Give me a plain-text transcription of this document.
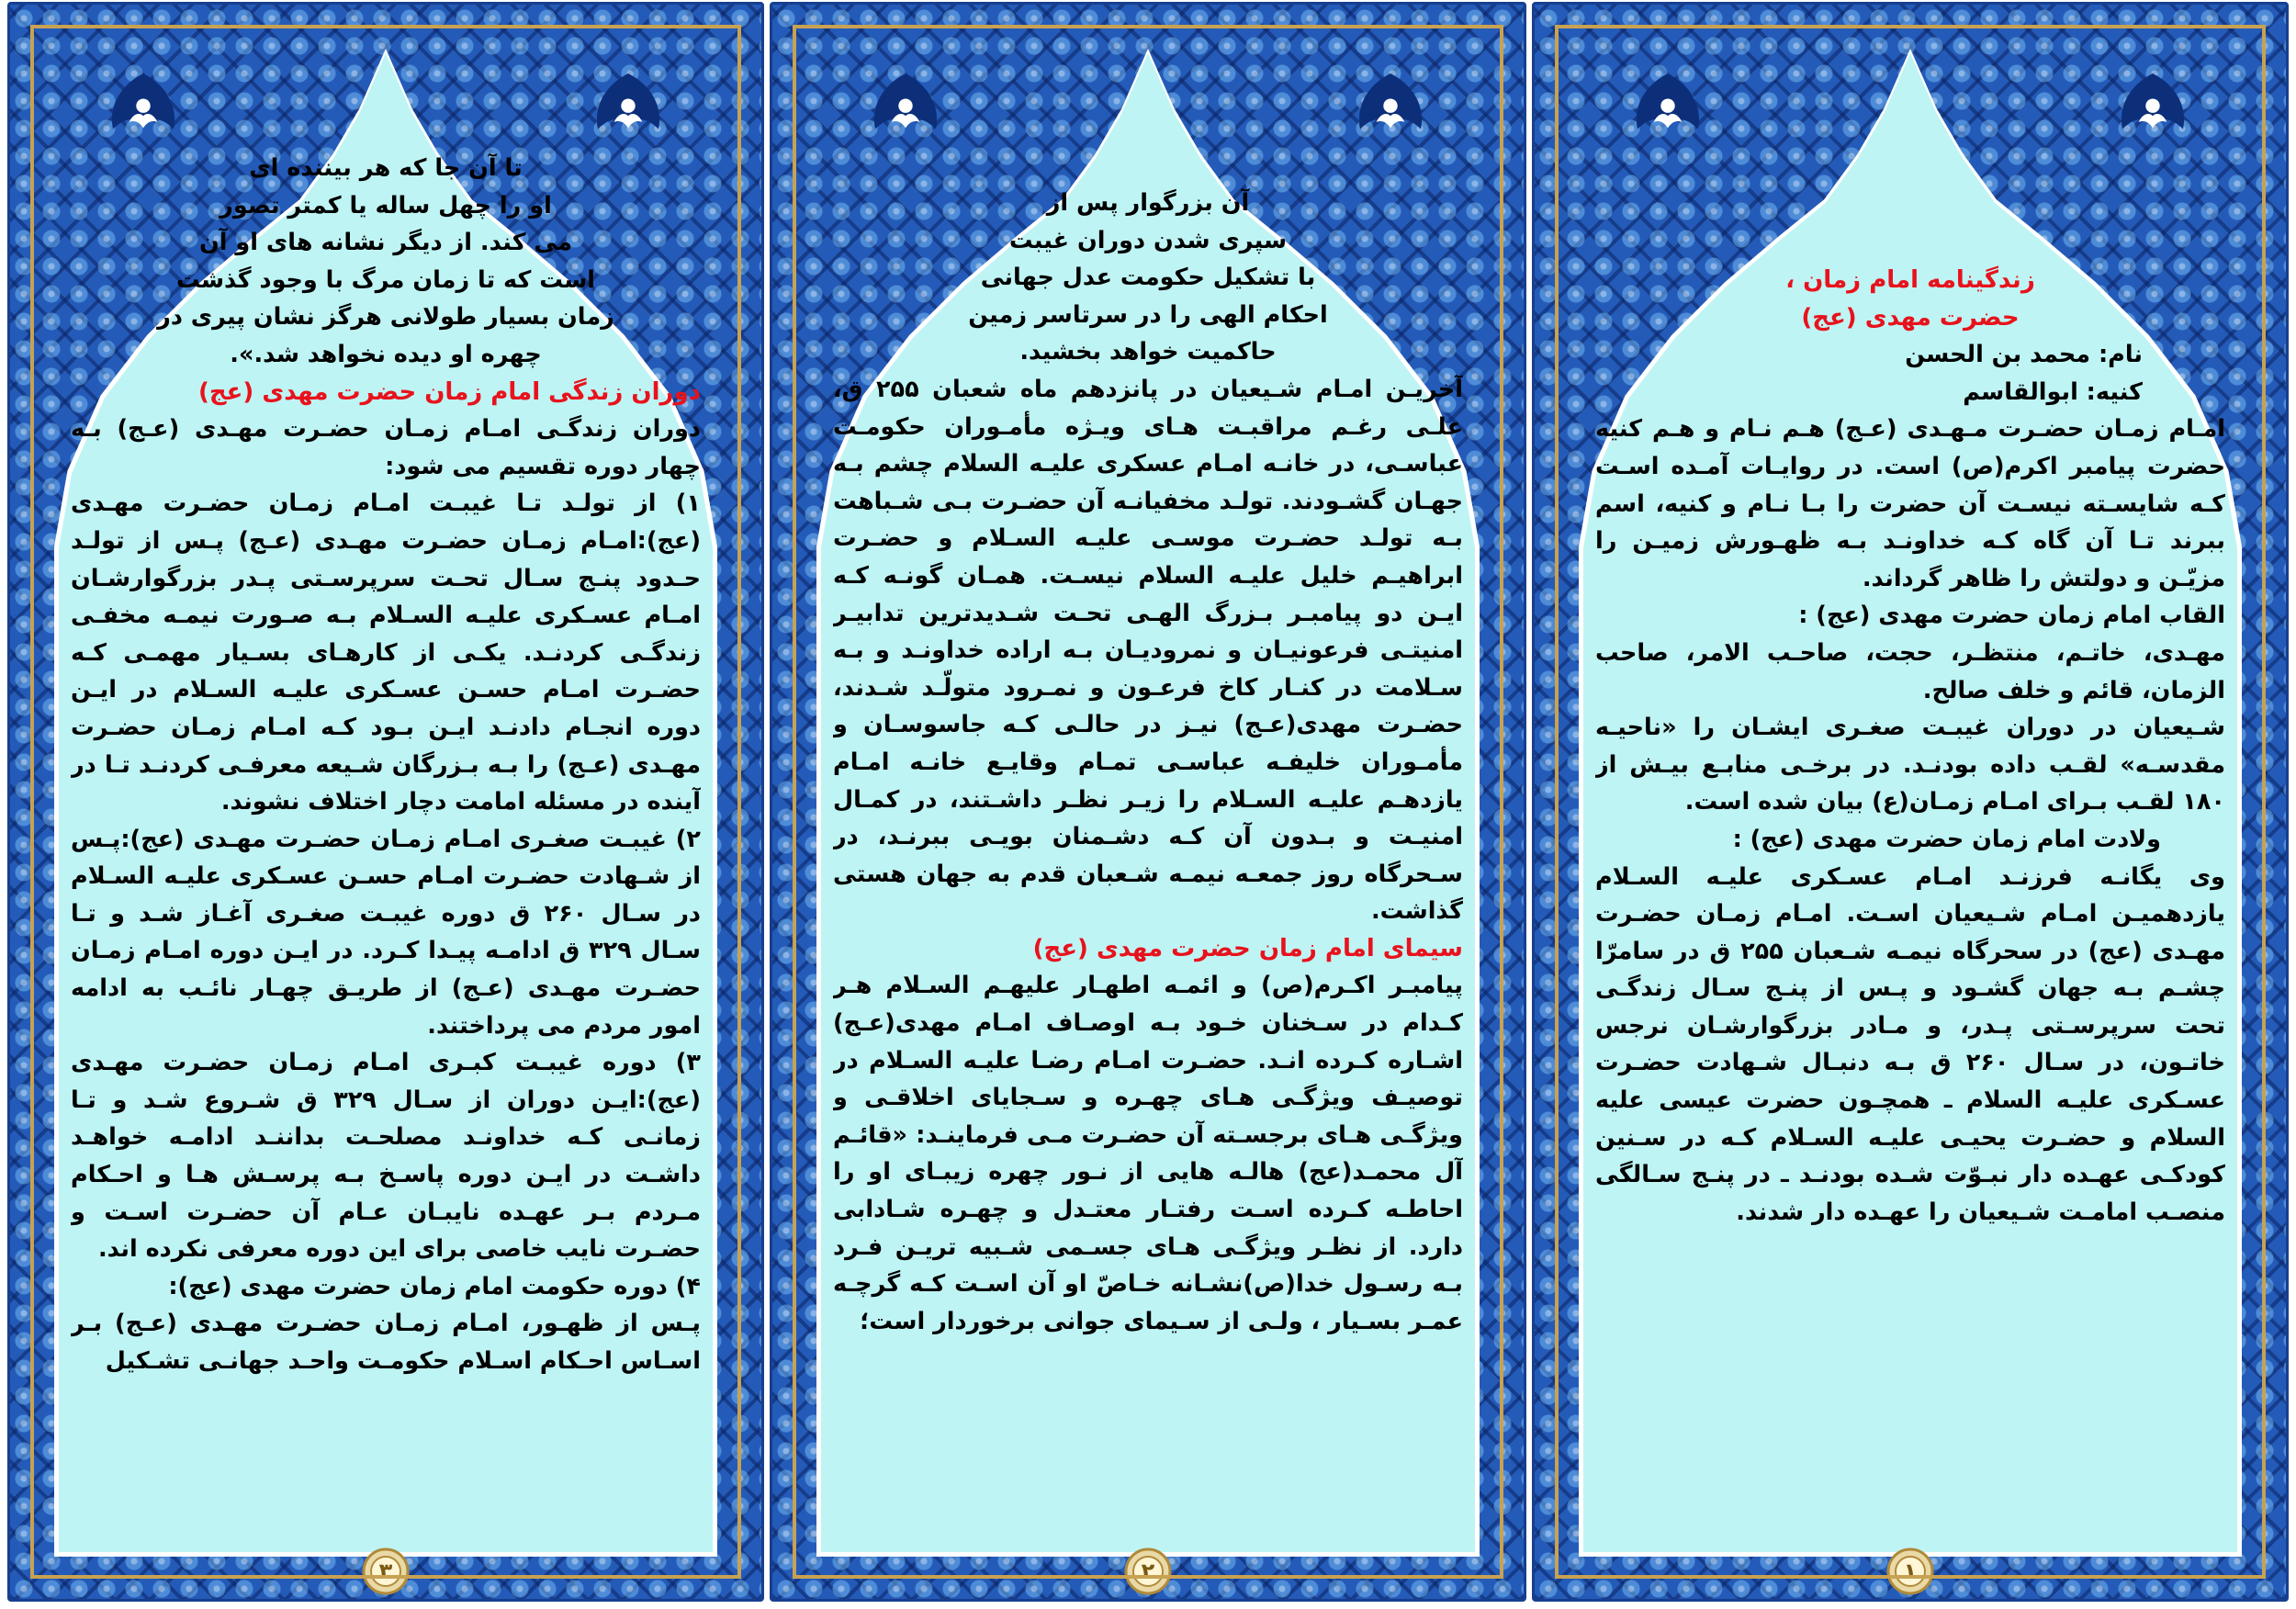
زندگینامه امام زمان ،

حضرت مهدی (عج)

نام: محمد بن الحسن

کنیه: ابوالقاسم

امـام زمـان حضـرت مـهـدی (عـج) هـم نـام و هـم کنیه حضرت پیامبر اکرم(ص) است. در روایـات آمـده اسـت کـه شایسـته نیسـت آن حضرت را بـا نـام و کنیه، اسم ببرند تـا آن گاه کـه خداونـد بـه ظهـورش زمیـن را مزیّـن و دولتش را ظاهر گرداند.

القاب امام زمان حضرت مهدی (عج) :

مهـدی، خاتـم، منتظـر، حجت، صاحـب الامر، صاحب الزمان، قائم و خلف صالح.

شـیعیان در دوران غیبـت صغـری ایشـان را «ناحیـه مقدسـه» لقـب داده بودنـد. در برخـی منابـع بیـش از ۱۸۰ لقـب بـرای امـام زمـان(ع) بیان شده است.

ولادت امام زمان حضرت مهدی (عج) :

وی یگانـه فرزنـد امـام عسـکری علیـه السـلام یازدهمیـن امـام شـیعیان اسـت. امـام زمـان حضـرت مهـدی (عج) در سحرگاه نیمـه شـعبان ۲۵۵ ق در سامرّا چشـم بـه جهان گشـود و پـس از پنـج سـال زندگـی تحت سرپرسـتی پـدر، و مـادر بزرگوارشـان نرجس خاتـون، در سـال ۲۶۰ ق بـه دنبـال شـهادت حضـرت عسـکری علیـه السلام ـ همچـون حضرت عیسی علیه السلام و حضـرت یحیـی علیـه السـلام کـه در سـنین کودکـی عهـده دار نبـوّت شـده بودنـد ـ در پنـج سـالگی منصـب امامـت شـیعیان را عهـده دار شدند.

۱

آن بزرگوار پس از

سپری شدن دوران غیبت

با تشکیل حکومت عدل جهانی

احکام الهی را در سرتاسر زمین

حاکمیت خواهد بخشید.

آخریـن امـام شـیعیان در پانزدهم ماه شعبان ۲۵۵ ق، علـی رغـم مراقبـت هـای ویـژه مأمـوران حکومـت عباسـی، در خانـه امـام عسکری علیـه السلام چشم بـه جهـان گشـودند. تولـد مخفیانـه آن حضـرت بـی شـباهت بـه تولـد حضـرت موسـی علیـه السـلام و حضـرت ابراهیـم خلیل علیـه السلام نیسـت. همـان گونـه کـه ایـن دو پیامبـر بـزرگ الهـی تحـت شـدیدترین تدابیـر امنیتـی فرعونیـان و نمرودیـان بـه اراده خداونـد و بـه سـلامت در کنـار کاخ فرعـون و نمـرود متولّـد شـدند، حضـرت مهدی(عـج) نیـز در حالـی کـه جاسوسـان و مأمـوران خلیفـه عباسـی تمـام وقایـع خانـه امـام یازدهـم علیـه السـلام را زیـر نظـر داشـتند، در کمـال امنیـت و بـدون آن کـه دشـمنان بویـی ببرنـد، در سـحرگاه روز جمعـه نیمـه شـعبان قدم به جهان هستی گذاشت.

سیمای امام زمان حضرت مهدی (عج)

پیامبـر اکـرم(ص) و ائمـه اطهـار علیهـم السـلام هـر کـدام در سـخنان خـود بـه اوصـاف امـام مهدی(عـج) اشـاره کـرده انـد. حضـرت امـام رضـا علیـه السـلام در توصیـف ویژگـی هـای چهـره و سـجایای اخلاقـی و ویژگـی هـای برجسـته آن حضـرت مـی فرماینـد: «قائـم آل محمـد(عج) هالـه هایی از نـور چهره زیبـای او را احاطـه کـرده اسـت رفتـار معتـدل و چهـره شـادابی دارد. از نظـر ویژگـی هـای جسـمی شـبیه تریـن فـرد بـه رسـول خدا(ص)نشـانه خـاصّ او آن اسـت کـه گرچـه عمـر بسـیار ، ولـی از سـیمای جوانی برخوردار است؛

۲

تا آن جا که هر بیننده ای

او را چهل ساله یا کمتر تصور

می کند. از دیگر نشانه های او آن

است که تا زمان مرگ با وجود گذشت

زمان بسیار طولانی هرگز نشان پیری در

چهره او دیده نخواهد شد.».

دوران زندگی امام زمان حضرت مهدی (عج)

دوران زندگـی امـام زمـان حضـرت مهـدی (عـج) بـه چهار دوره تقسیم می شود:

۱) از تولـد تـا غیبـت امـام زمـان حضـرت مهـدی (عج):امـام زمـان حضـرت مهـدی (عـج) پـس از تولـد حـدود پنـج سـال تحـت سرپرسـتی پـدر بزرگوارشـان امـام عسـکری علیـه السـلام بـه صـورت نیمـه مخفـی زندگـی کردنـد. یکـی از کارهـای بسـیار مهمـی کـه حضـرت امـام حسـن عسـکری علیـه السـلام در ایـن دوره انجـام دادنـد ایـن بـود کـه امـام زمـان حضـرت مهـدی (عـج) را بـه بـزرگان شـیعه معرفـی کردنـد تـا در آینده در مسئله امامت دچار اختلاف نشوند.

۲) غیبـت صغـری امـام زمـان حضـرت مهـدی (عج):پـس از شـهادت حضـرت امـام حسـن عسـکری علیـه السـلام در سـال ۲۶۰ ق دوره غیبـت صغـری آغـاز شـد و تـا سـال ۳۲۹ ق ادامـه پیـدا کـرد. در ایـن دوره امـام زمـان حضـرت مهـدی (عـج) از طریـق چهـار نائـب به ادامه امور مردم می پرداختند.

۳) دوره غیبـت کبـری امـام زمـان حضـرت مهـدی (عج):ایـن دوران از سـال ۳۲۹ ق شـروع شـد و تـا زمانـی کـه خداونـد مصلحـت بداننـد ادامـه خواهـد داشـت در ایـن دوره پاسـخ بـه پرسـش هـا و احـکام مـردم بـر عهـده نایبـان عـام آن حضـرت اسـت و حضـرت نایب خاصی برای این دوره معرفی نکرده اند.

۴) دوره حکومت امام زمان حضرت مهدی (عج):

پـس از ظهـور، امـام زمـان حضـرت مهـدی (عـج) بـر اسـاس احـکام اسـلام حکومـت واحـد جهانـی تشـکیل

۳
